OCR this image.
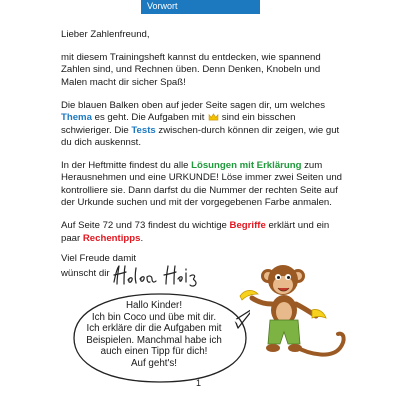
Vorwort

Lieber Zahlenfreund,

mit diesem Trainingsheft kannst du entdecken, wie spannend Zahlen sind, und Rechnen üben. Denn Denken, Knobeln und Malen macht dir sicher Spaß!

Die blauen Balken oben auf jeder Seite sagen dir, um welches Thema es geht. Die Aufgaben mit  sind ein bisschen schwieriger. Die Tests zwischen-durch können dir zeigen, wie gut du dich auskennst.

In der Heftmitte findest du alle Lösungen mit Erklärung zum Herausnehmen und eine URKUNDE! Löse immer zwei Seiten und kontrolliere sie. Dann darfst du die Nummer der rechten Seite auf der Urkunde suchen und mit der vorgegebenen Farbe anmalen.

Auf Seite 72 und 73 findest du wichtige Begriffe erklärt und ein paar Rechentipps.

Viel Freude damit

wünscht dir
Hallo Kinder!
Ich bin Coco und übe mit dir.
Ich erkläre dir die Aufgaben mit
Beispielen. Manchmal habe ich
auch einen Tipp für dich!
Auf geht's!
1
